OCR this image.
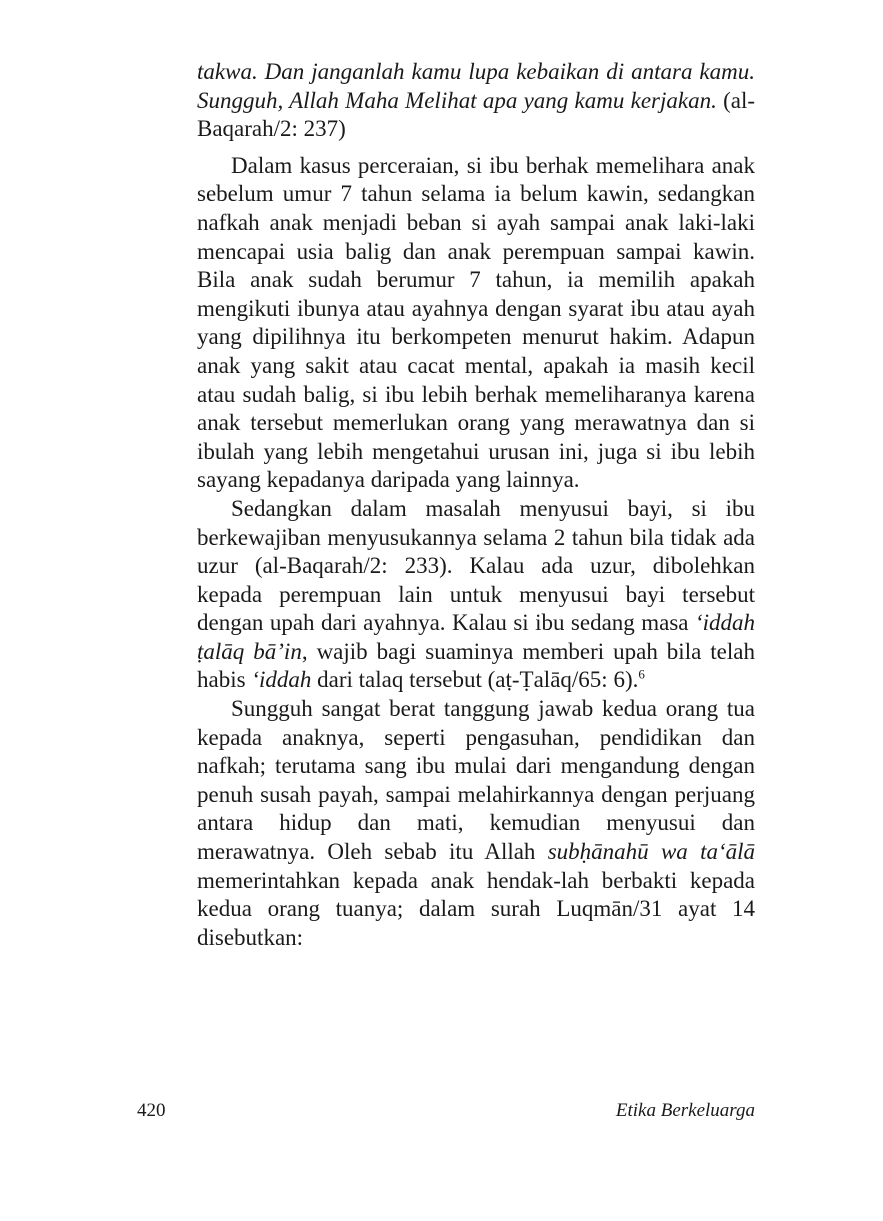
takwa. Dan janganlah kamu lupa kebaikan di antara kamu. Sungguh, Allah Maha Melihat apa yang kamu kerjakan. (al-Baqarah/2: 237)

Dalam kasus perceraian, si ibu berhak memelihara anak sebelum umur 7 tahun selama ia belum kawin, sedangkan nafkah anak menjadi beban si ayah sampai anak laki-laki mencapai usia balig dan anak perempuan sampai kawin. Bila anak sudah berumur 7 tahun, ia memilih apakah mengikuti ibunya atau ayahnya dengan syarat ibu atau ayah yang dipilihnya itu berkompeten menurut hakim. Adapun anak yang sakit atau cacat mental, apakah ia masih kecil atau sudah balig, si ibu lebih berhak memeliharanya karena anak tersebut memerlukan orang yang merawatnya dan si ibulah yang lebih mengetahui urusan ini, juga si ibu lebih sayang kepadanya daripada yang lainnya.

Sedangkan dalam masalah menyusui bayi, si ibu berkewajiban menyusukannya selama 2 tahun bila tidak ada uzur (al-Baqarah/2: 233). Kalau ada uzur, dibolehkan kepada perempuan lain untuk menyusui bayi tersebut dengan upah dari ayahnya. Kalau si ibu sedang masa ‘iddah ṭalāq bā’in, wajib bagi suaminya memberi upah bila telah habis ‘iddah dari talaq tersebut (aṭ-Ṭalāq/65: 6).$^6$

Sungguh sangat berat tanggung jawab kedua orang tua kepada anaknya, seperti pengasuhan, pendidikan dan nafkah; terutama sang ibu mulai dari mengandung dengan penuh susah payah, sampai melahirkannya dengan perjuang antara hidup dan mati, kemudian menyusui dan merawatnya. Oleh sebab itu Allah subḥānahū wa ta‘ālā memerintahkan kepada anak hendak-lah berbakti kepada kedua orang tuanya; dalam surah Luqmān/31 ayat 14 disebutkan:

420	Etika Berkeluarga
